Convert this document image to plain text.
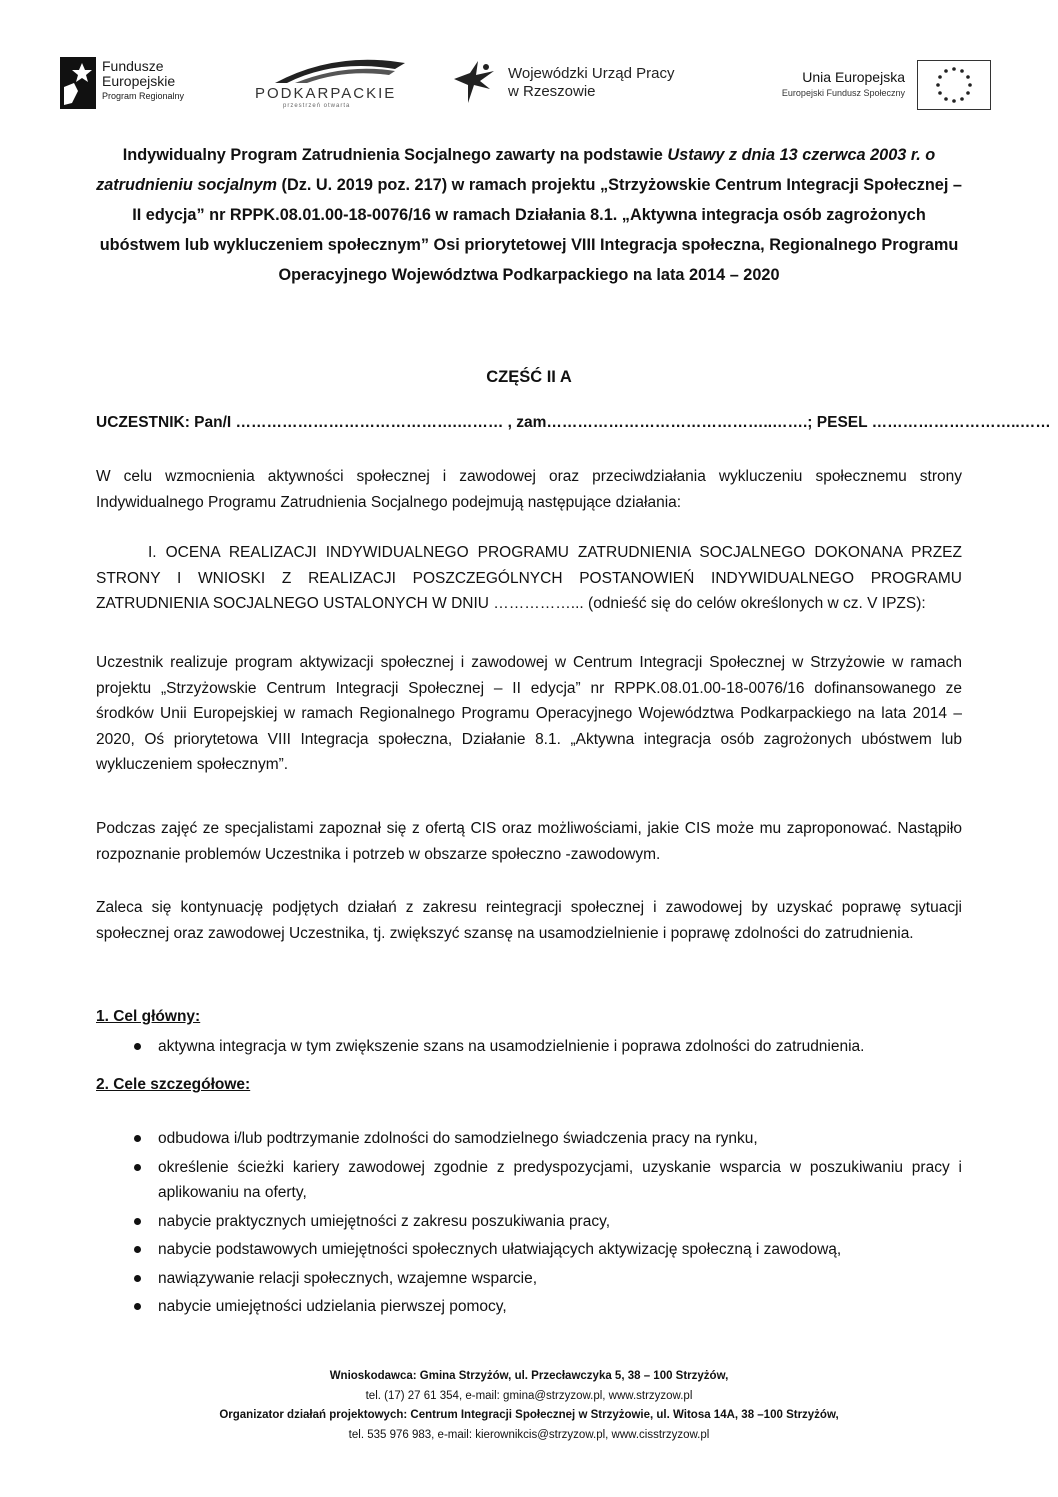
Fundusze
Europejskie
Program Regionalny	PODKARPACKIE
przestrzeń otwarta
Wojewódzki Urząd Pracy
w Rzeszowie
Unia Europejska
Europejski Fundusz Społeczny
Indywidualny Program Zatrudnienia Socjalnego zawarty na podstawie Ustawy z dnia 13 czerwca 2003 r. o zatrudnieniu socjalnym (Dz. U. 2019 poz. 217) w ramach projektu „Strzyżowskie Centrum Integracji Społecznej – II edycja” nr RPPK.08.01.00-18-0076/16 w ramach Działania 8.1. „Aktywna integracja osób zagrożonych ubóstwem lub wykluczeniem społecznym” Osi priorytetowej VIII Integracja społeczna, Regionalnego Programu Operacyjnego Województwa Podkarpackiego na lata 2014 – 2020
CZĘŚĆ II A
UCZESTNIK: Pan/I …………………………………….……… , zam……………………………………..…….; PESEL ………………………..……
W celu wzmocnienia aktywności społecznej i zawodowej oraz przeciwdziałania wykluczeniu społecznemu strony Indywidualnego Programu Zatrudnienia Socjalnego podejmują następujące działania:
I. OCENA REALIZACJI INDYWIDUALNEGO PROGRAMU ZATRUDNIENIA SOCJALNEGO DOKONANA PRZEZ STRONY I WNIOSKI Z REALIZACJI POSZCZEGÓLNYCH POSTANOWIEŃ INDYWIDUALNEGO PROGRAMU ZATRUDNIENIA SOCJALNEGO USTALONYCH W DNIU ……………... (odnieść się do celów określonych w cz. V IPZS):
Uczestnik realizuje program aktywizacji społecznej i zawodowej w Centrum Integracji Społecznej w Strzyżowie w ramach projektu „Strzyżowskie Centrum Integracji Społecznej – II edycja” nr RPPK.08.01.00-18-0076/16 dofinansowanego ze środków Unii Europejskiej w ramach Regionalnego Programu Operacyjnego Województwa Podkarpackiego na lata 2014 – 2020, Oś priorytetowa VIII Integracja społeczna, Działanie 8.1. „Aktywna integracja osób zagrożonych ubóstwem lub wykluczeniem społecznym”.
Podczas zajęć ze specjalistami zapoznał się z ofertą CIS oraz możliwościami, jakie CIS może mu zaproponować. Nastąpiło rozpoznanie problemów Uczestnika i potrzeb w obszarze społeczno -zawodowym.
Zaleca się kontynuację podjętych działań z zakresu reintegracji społecznej i zawodowej by uzyskać poprawę sytuacji społecznej oraz zawodowej Uczestnika, tj. zwiększyć szansę na usamodzielnienie i poprawę zdolności do zatrudnienia.
1. Cel główny:
aktywna integracja w tym zwiększenie szans na usamodzielnienie i poprawa zdolności do zatrudnienia.
2. Cele szczegółowe:
odbudowa i/lub podtrzymanie zdolności do samodzielnego świadczenia pracy na rynku,
określenie ścieżki kariery zawodowej zgodnie z predyspozycjami, uzyskanie wsparcia w poszukiwaniu pracy i aplikowaniu na oferty,
nabycie praktycznych umiejętności z zakresu poszukiwania pracy,
nabycie podstawowych umiejętności społecznych ułatwiających aktywizację społeczną i zawodową,
nawiązywanie relacji społecznych, wzajemne wsparcie,
nabycie umiejętności udzielania pierwszej pomocy,
Wnioskodawca: Gmina Strzyżów, ul. Przecławczyka 5, 38 – 100 Strzyżów,
tel. (17) 27 61 354, e-mail: gmina@strzyzow.pl, www.strzyzow.pl
Organizator działań projektowych: Centrum Integracji Społecznej w Strzyżowie, ul. Witosa 14A, 38 –100 Strzyżów,
tel. 535 976 983, e-mail: kierownikcis@strzyzow.pl, www.cisstrzyzow.pl
